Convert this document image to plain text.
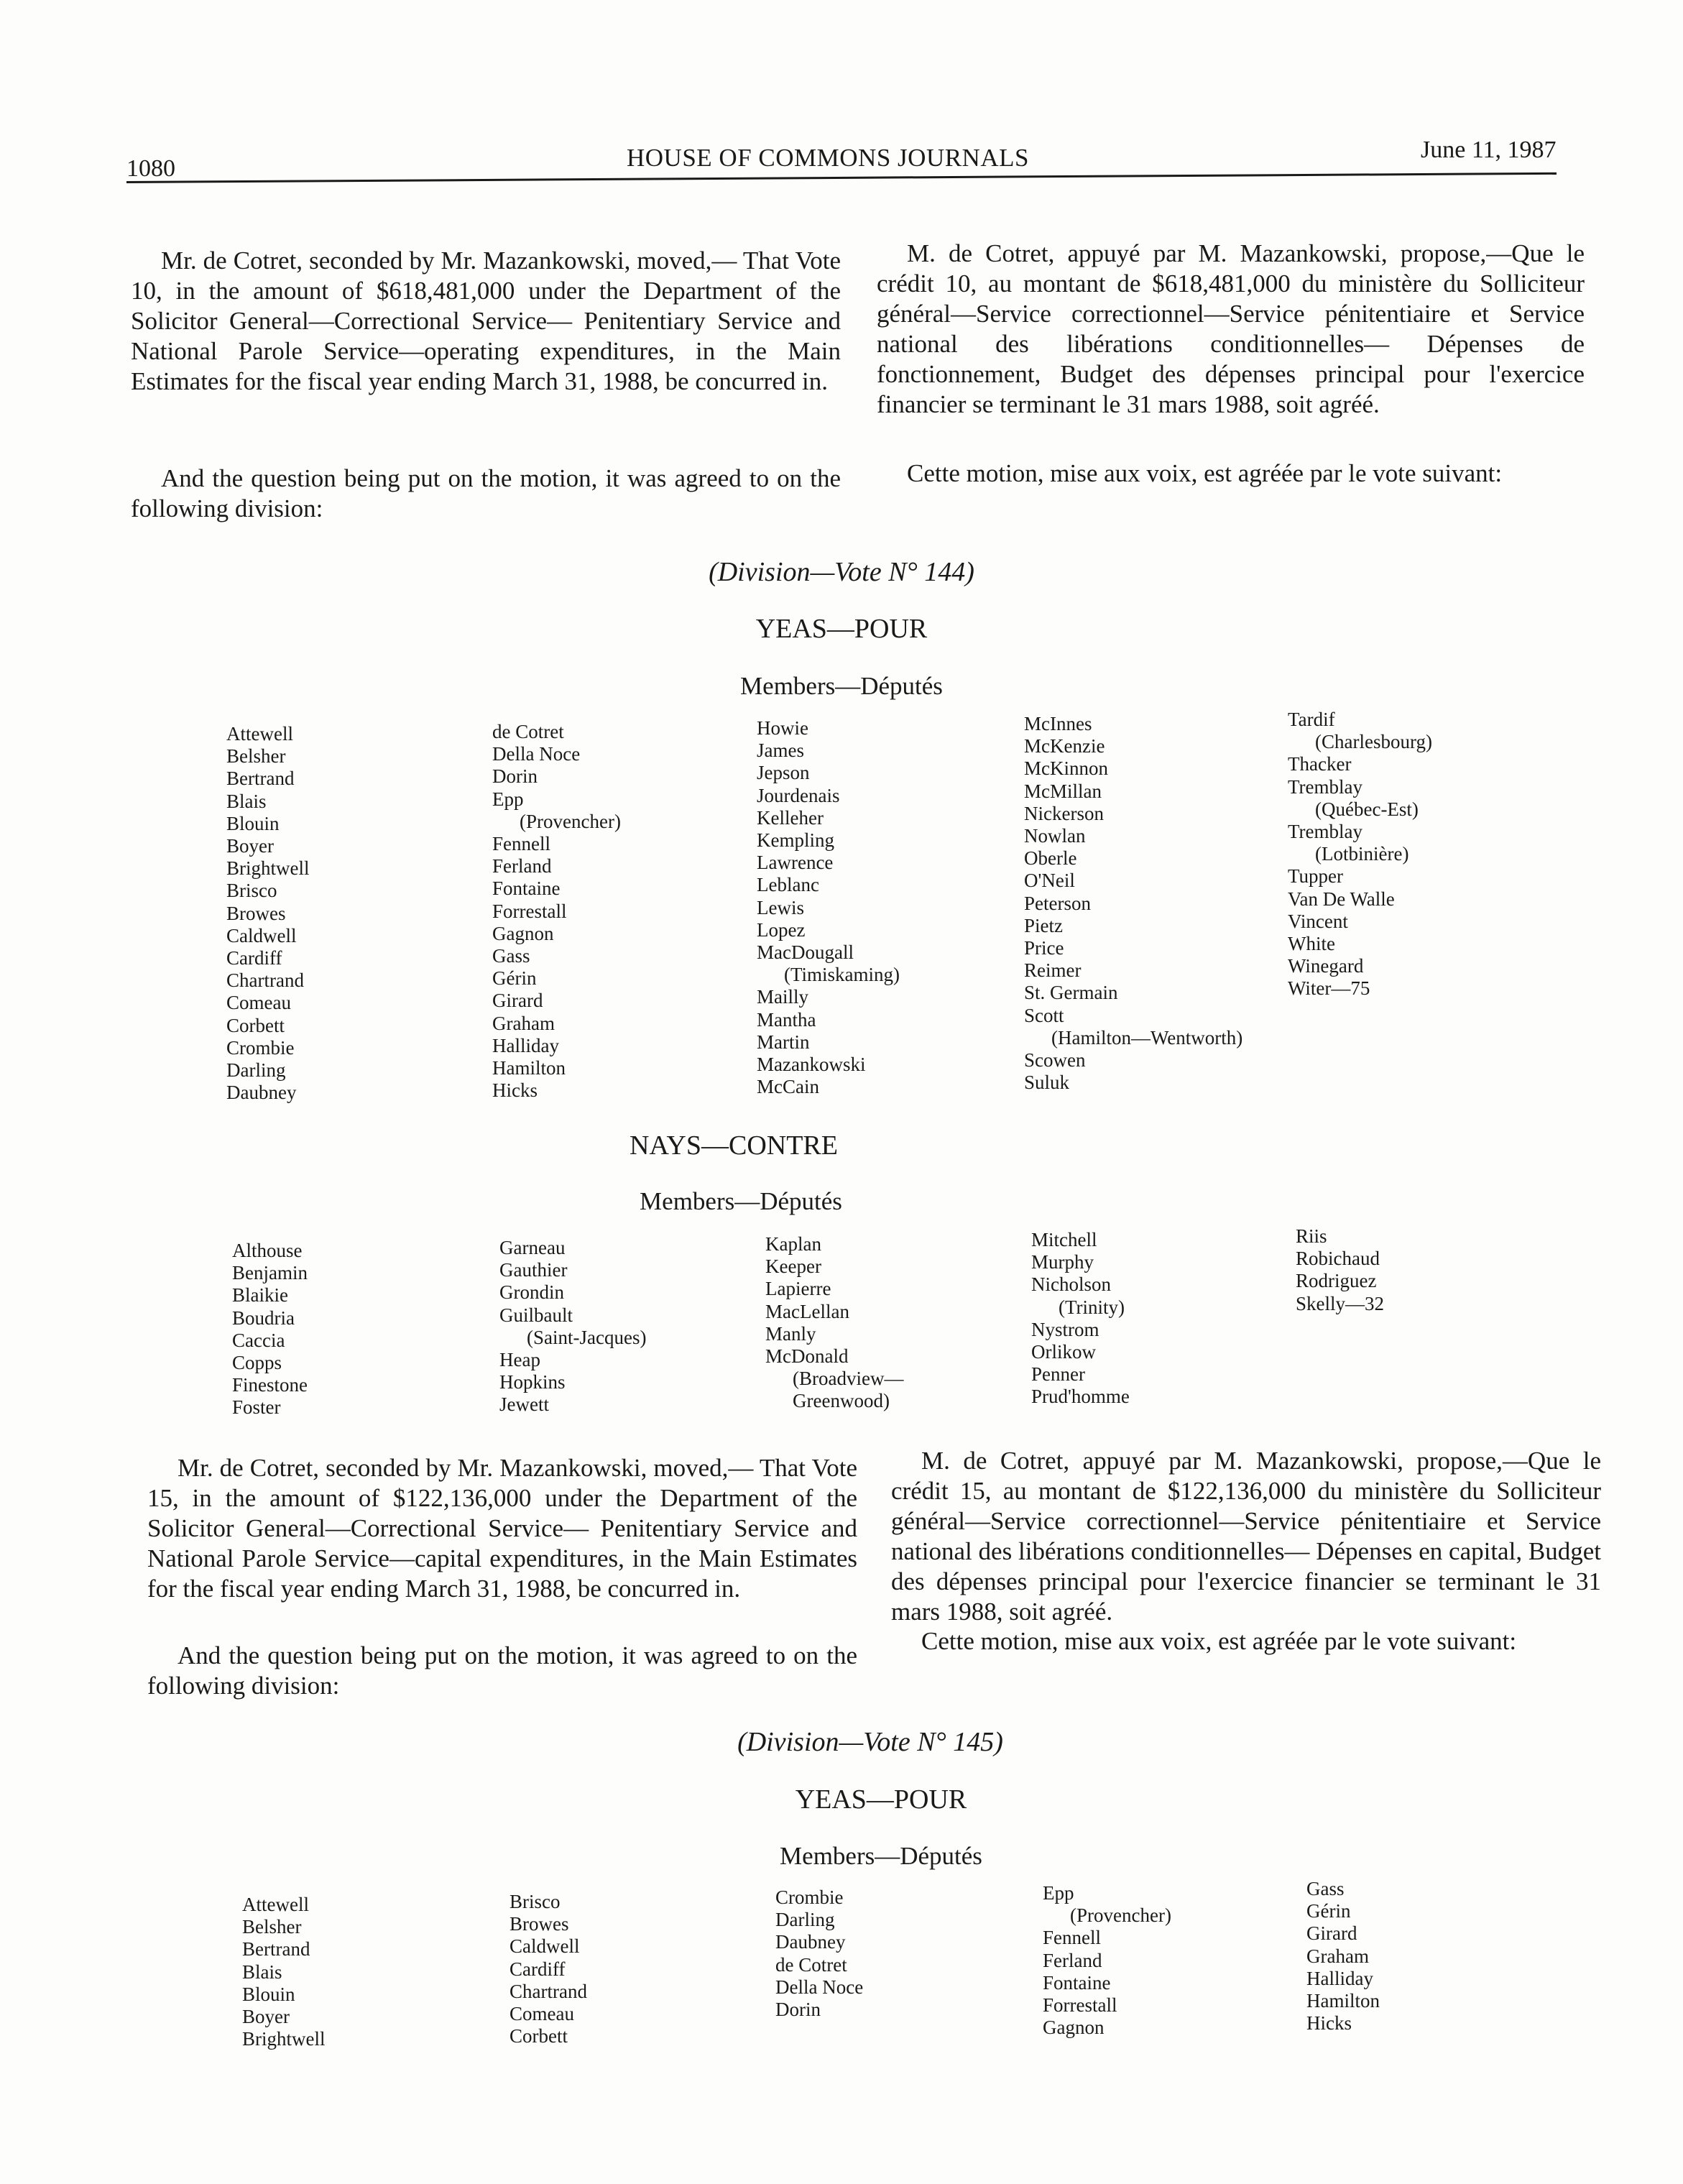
1080	HOUSE OF COMMONS JOURNALS	June 11, 1987

Mr. de Cotret, seconded by Mr. Mazankowski, moved,— That Vote 10, in the amount of $618,481,000 under the Department of the Solicitor General—Correctional Service— Penitentiary Service and National Parole Service—operating expenditures, in the Main Estimates for the fiscal year ending March 31, 1988, be concurred in.

M. de Cotret, appuyé par M. Mazankowski, propose,—Que le crédit 10, au montant de $618,481,000 du ministère du Solliciteur général—Service correctionnel—Service pénitentiaire et Service national des libérations conditionnelles— Dépenses de fonctionnement, Budget des dépenses principal pour l'exercice financier se terminant le 31 mars 1988, soit agréé.

And the question being put on the motion, it was agreed to on the following division:

Cette motion, mise aux voix, est agréée par le vote suivant:

(Division—Vote N° 144)
YEAS—POUR
Members—Députés
Attewell
Belsher
Bertrand
Blais
Blouin
Boyer
Brightwell
Brisco
Browes
Caldwell
Cardiff
Chartrand
Comeau
Corbett
Crombie
Darling
Daubney
de Cotret
Della Noce
Dorin
Epp
(Provencher)
Fennell
Ferland
Fontaine
Forrestall
Gagnon
Gass
Gérin
Girard
Graham
Halliday
Hamilton
Hicks
Howie
James
Jepson
Jourdenais
Kelleher
Kempling
Lawrence
Leblanc
Lewis
Lopez
MacDougall
(Timiskaming)
Mailly
Mantha
Martin
Mazankowski
McCain
McInnes
McKenzie
McKinnon
McMillan
Nickerson
Nowlan
Oberle
O'Neil
Peterson
Pietz
Price
Reimer
St. Germain
Scott
(Hamilton—Wentworth)
Scowen
Suluk
Tardif
(Charlesbourg)
Thacker
Tremblay
(Québec-Est)
Tremblay
(Lotbinière)
Tupper
Van De Walle
Vincent
White
Winegard
Witer—75
NAYS—CONTRE
Members—Députés
Althouse
Benjamin
Blaikie
Boudria
Caccia
Copps
Finestone
Foster
Garneau
Gauthier
Grondin
Guilbault
(Saint-Jacques)
Heap
Hopkins
Jewett
Kaplan
Keeper
Lapierre
MacLellan
Manly
McDonald
(Broadview—
Greenwood)
Mitchell
Murphy
Nicholson
(Trinity)
Nystrom
Orlikow
Penner
Prud'homme
Riis
Robichaud
Rodriguez
Skelly—32

Mr. de Cotret, seconded by Mr. Mazankowski, moved,— That Vote 15, in the amount of $122,136,000 under the Department of the Solicitor General—Correctional Service— Penitentiary Service and National Parole Service—capital expenditures, in the Main Estimates for the fiscal year ending March 31, 1988, be concurred in.

M. de Cotret, appuyé par M. Mazankowski, propose,—Que le crédit 15, au montant de $122,136,000 du ministère du Solliciteur général—Service correctionnel—Service pénitentiaire et Service national des libérations conditionnelles— Dépenses en capital, Budget des dépenses principal pour l'exercice financier se terminant le 31 mars 1988, soit agréé.

And the question being put on the motion, it was agreed to on the following division:

Cette motion, mise aux voix, est agréée par le vote suivant:

(Division—Vote N° 145)
YEAS—POUR
Members—Députés
Attewell
Belsher
Bertrand
Blais
Blouin
Boyer
Brightwell
Brisco
Browes
Caldwell
Cardiff
Chartrand
Comeau
Corbett
Crombie
Darling
Daubney
de Cotret
Della Noce
Dorin
Epp
(Provencher)
Fennell
Ferland
Fontaine
Forrestall
Gagnon
Gass
Gérin
Girard
Graham
Halliday
Hamilton
Hicks
